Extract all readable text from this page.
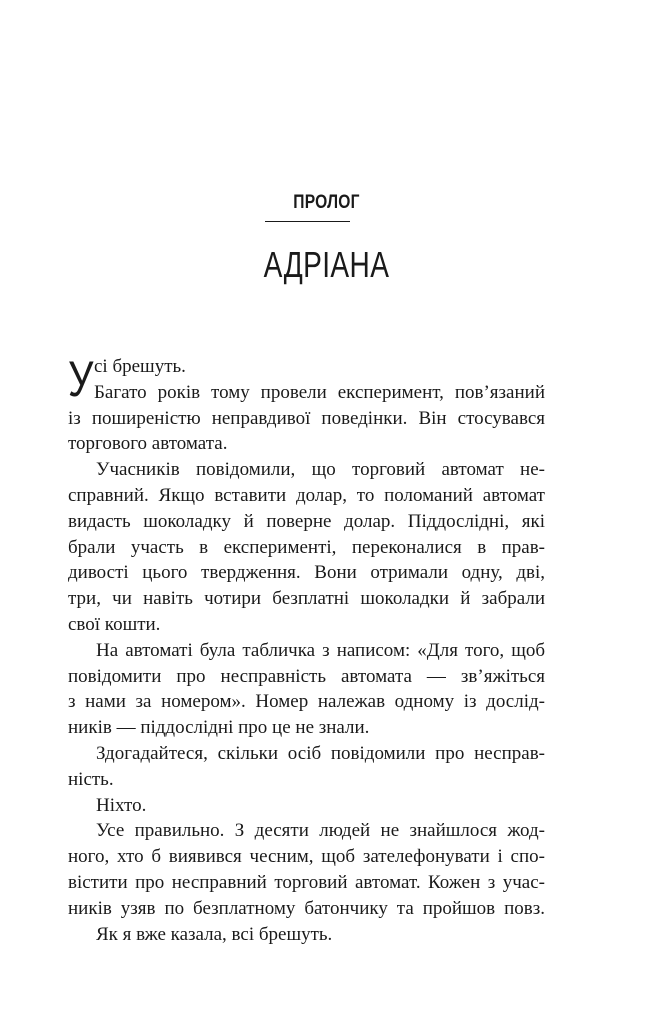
ПРОЛОГ
АДРІАНА
У сі брешуть.
Багато років тому провели експеримент, пов’язаний
із поширеністю неправдивої поведінки. Він стосувався
торгового автомата.
Учасників повідомили, що торговий автомат не-
справний. Якщо вставити долар, то поломаний автомат
видасть шоколадку й поверне долар. Піддослідні, які
брали участь в експерименті, переконалися в прав-
дивості цього твердження. Вони отримали одну, дві,
три, чи навіть чотири безплатні шоколадки й забрали
свої кошти.
На автоматі була табличка з написом: «Для того, щоб
повідомити про несправність автомата — зв’яжіться
з нами за номером». Номер належав одному із дослід-
ників — піддослідні про це не знали.
Здогадайтеся, скільки осіб повідомили про несправ-
ність.
Ніхто.
Усе правильно. З десяти людей не знайшлося жод-
ного, хто б виявився чесним, щоб зателефонувати і спо-
вістити про несправний торговий автомат. Кожен з учас-
ників узяв по безплатному батончику та пройшов повз.
Як я вже казала, всі брешуть.
